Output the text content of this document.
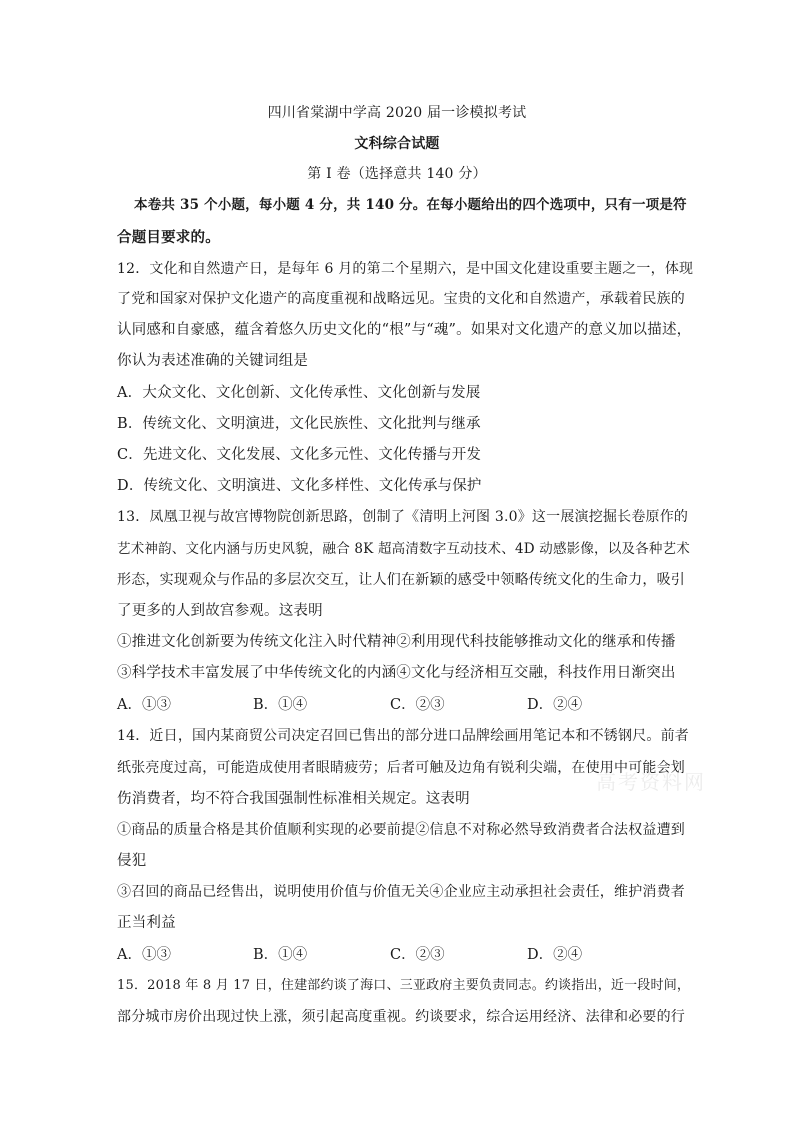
四川省棠湖中学高 2020 届一诊模拟考试
文科综合试题
第 I 卷（选择意共 140 分）
本卷共 35 个小题，每小题 4 分，共 140 分。在每小题给出的四个选项中，只有一项是符
合题目要求的。
12．文化和自然遗产日，是每年 6 月的第二个星期六，是中国文化建设重要主题之一，体现
了党和国家对保护文化遗产的高度重视和战略远见。宝贵的文化和自然遗产，承载着民族的
认同感和自豪感，蕴含着悠久历史文化的“根”与“魂”。如果对文化遗产的意义加以描述，
你认为表述准确的关键词组是
A．大众文化、文化创新、文化传承性、文化创新与发展
B．传统文化、文明演进，文化民族性、文化批判与继承
C．先进文化、文化发展、文化多元性、文化传播与开发
D．传统文化、文明演进、文化多样性、文化传承与保护
13．凤凰卫视与故宫博物院创新思路，创制了《清明上河图 3.0》这一展演挖掘长卷原作的
艺术神韵、文化内涵与历史风貌，融合 8K 超高清数字互动技术、4D 动感影像，以及各种艺术
形态，实现观众与作品的多层次交互，让人们在新颖的感受中领略传统文化的生命力，吸引
了更多的人到故宫参观。这表明
①推进文化创新要为传统文化注入时代精神②利用现代科技能够推动文化的继承和传播
③科学技术丰富发展了中华传统文化的内涵④文化与经济相互交融，科技作用日渐突出
A．①③	B．①④	C．②③	D．②④
14．近日，国内某商贸公司决定召回已售出的部分进口品牌绘画用笔记本和不锈钢尺。前者
纸张亮度过高，可能造成使用者眼睛疲劳；后者可触及边角有锐利尖端，在使用中可能会划
伤消费者，均不符合我国强制性标准相关规定。这表明
①商品的质量合格是其价值顺利实现的必要前提②信息不对称必然导致消费者合法权益遭到
侵犯
③召回的商品已经售出，说明使用价值与价值无关④企业应主动承担社会责任，维护消费者
正当利益
A．①③	B．①④	C．②③	D．②④
15．2018 年 8 月 17 日，住建部约谈了海口、三亚政府主要负责同志。约谈指出，近一段时间，
部分城市房价出现过快上涨，须引起高度重视。约谈要求，综合运用经济、法律和必要的行
高考资料网
